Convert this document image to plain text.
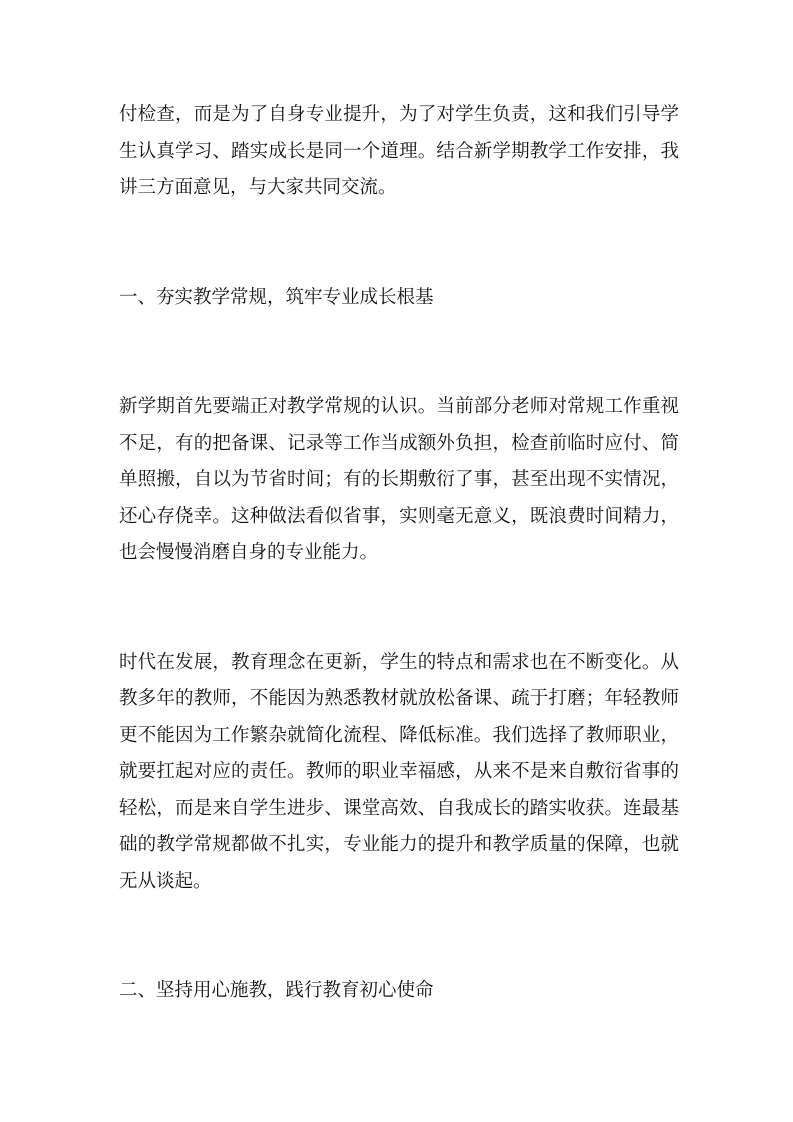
付检查，而是为了自身专业提升，为了对学生负责，这和我们引导学
生认真学习、踏实成长是同一个道理。结合新学期教学工作安排，我
讲三方面意见，与大家共同交流。
一、夯实教学常规，筑牢专业成长根基
新学期首先要端正对教学常规的认识。当前部分老师对常规工作重视
不足，有的把备课、记录等工作当成额外负担，检查前临时应付、简
单照搬，自以为节省时间；有的长期敷衍了事，甚至出现不实情况，
还心存侥幸。这种做法看似省事，实则毫无意义，既浪费时间精力，
也会慢慢消磨自身的专业能力。
时代在发展，教育理念在更新，学生的特点和需求也在不断变化。从
教多年的教师，不能因为熟悉教材就放松备课、疏于打磨；年轻教师
更不能因为工作繁杂就简化流程、降低标准。我们选择了教师职业，
就要扛起对应的责任。教师的职业幸福感，从来不是来自敷衍省事的
轻松，而是来自学生进步、课堂高效、自我成长的踏实收获。连最基
础的教学常规都做不扎实，专业能力的提升和教学质量的保障，也就
无从谈起。
二、坚持用心施教，践行教育初心使命
